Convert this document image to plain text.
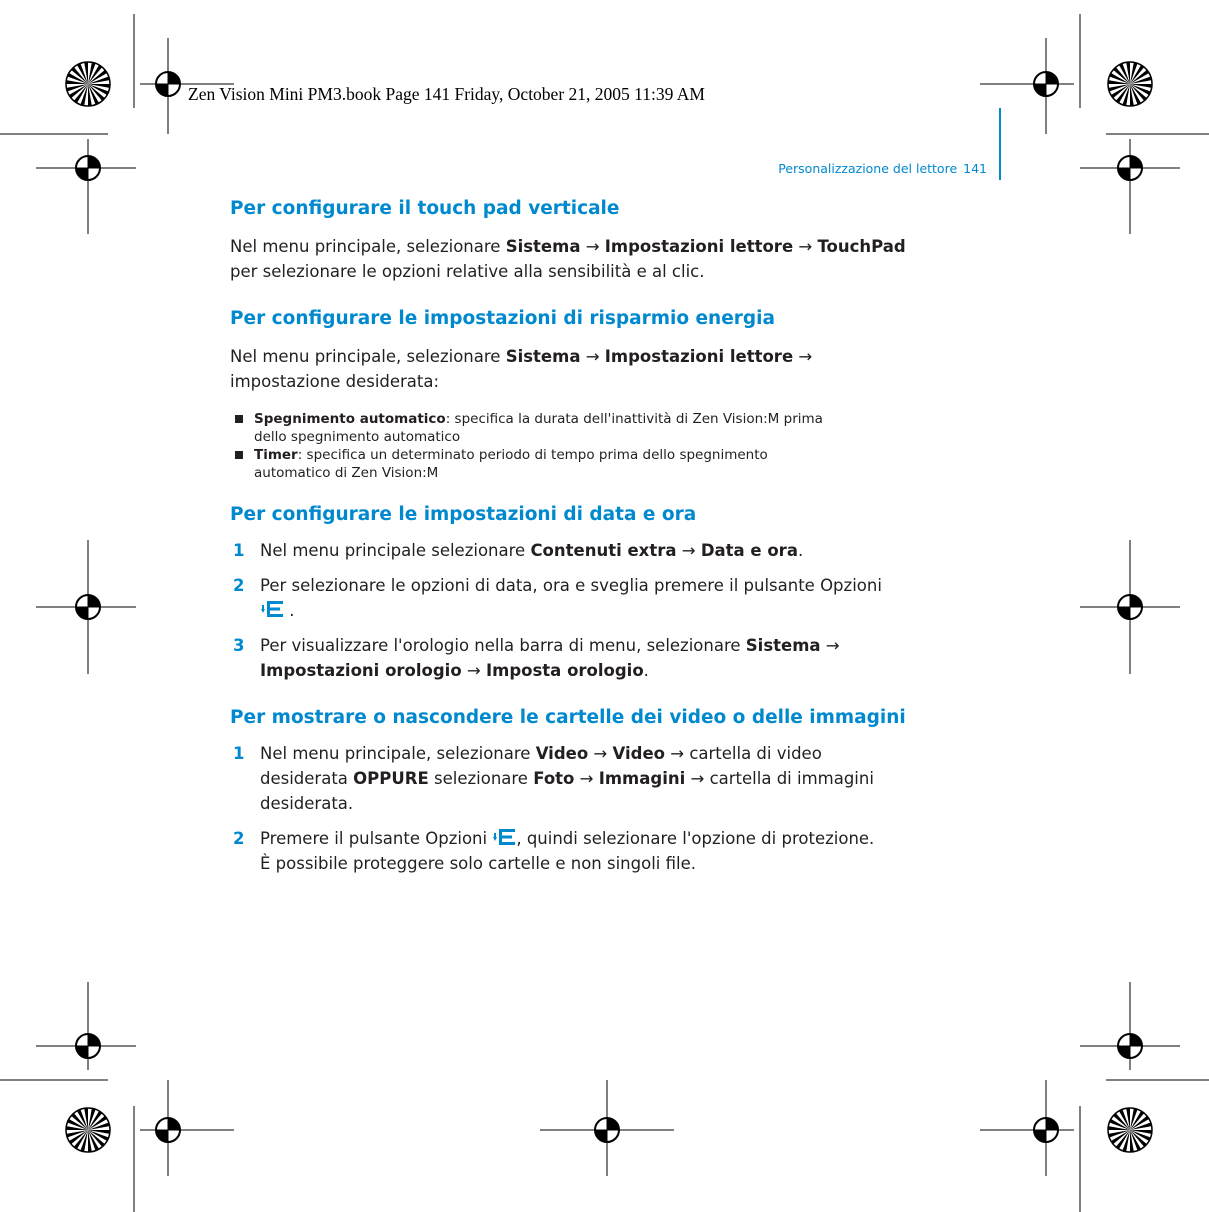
Zen Vision Mini PM3.book Page 141 Friday, October 21, 2005 11:39 AM
Personalizzazione del lettore 141
Per configurare il touch pad verticale

Nel menu principale, selezionare Sistema → Impostazioni lettore → TouchPad
per selezionare le opzioni relative alla sensibilità e al clic.

Per configurare le impostazioni di risparmio energia

Nel menu principale, selezionare Sistema → Impostazioni lettore →
impostazione desiderata:

Spegnimento automatico: specifica la durata dell'inattività di Zen Vision:M prima
dello spegnimento automatico
Timer: specifica un determinato periodo di tempo prima dello spegnimento
automatico di Zen Vision:M
Per configurare le impostazioni di data e ora
1 Nel menu principale selezionare Contenuti extra → Data e ora.
2 Per selezionare le opzioni di data, ora e sveglia premere il pulsante Opzioni
.
3 Per visualizzare l'orologio nella barra di menu, selezionare Sistema →
Impostazioni orologio → Imposta orologio.
Per mostrare o nascondere le cartelle dei video o delle immagini
1 Nel menu principale, selezionare Video → Video → cartella di video
desiderata OPPURE selezionare Foto → Immagini → cartella di immagini
desiderata.
2 Premere il pulsante Opzioni , quindi selezionare l'opzione di protezione.
È possibile proteggere solo cartelle e non singoli file.
